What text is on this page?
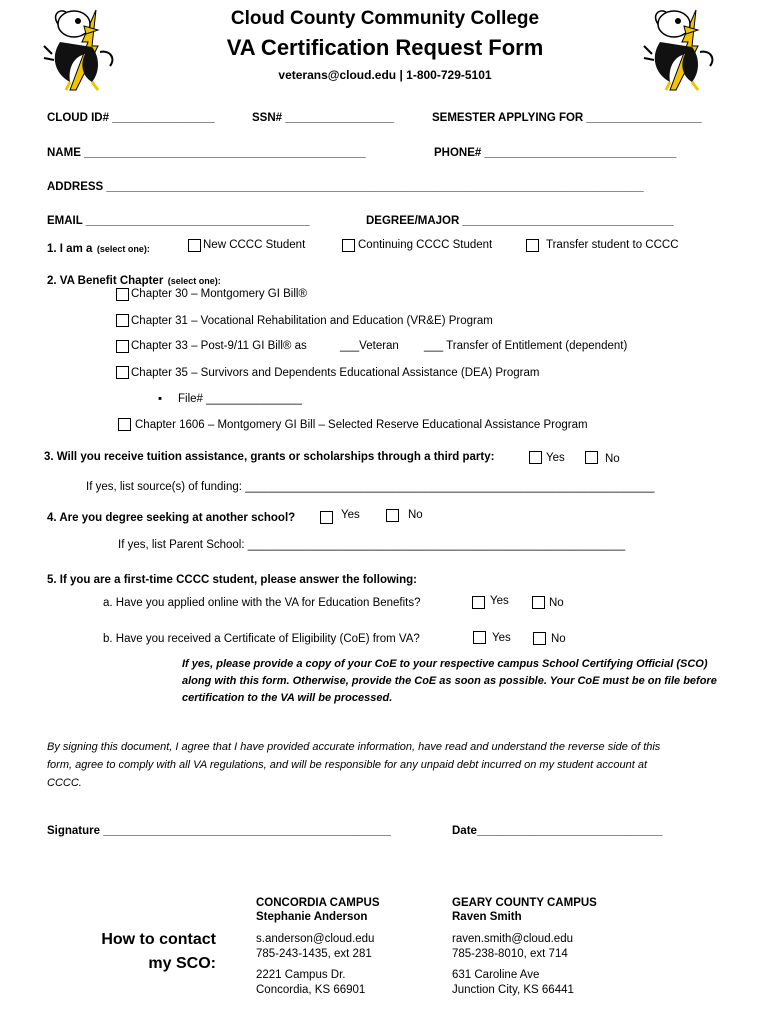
Cloud County Community College
VA Certification Request Form
veterans@cloud.edu | 1-800-729-5101
CLOUD ID# ________________	SSN# _________________	SEMESTER APPLYING FOR __________________
NAME ____________________________________________	PHONE# ______________________________
ADDRESS ____________________________________________________________________________________
EMAIL ___________________________________	DEGREE/MAJOR _________________________________
1. I am a (select one):	New CCCC Student	Continuing CCCC Student	Transfer student to CCCC
2. VA Benefit Chapter (select one):
Chapter 30 – Montgomery GI Bill®
Chapter 31 – Vocational Rehabilitation and Education (VR&E) Program
Chapter 33 – Post-9/11 GI Bill® as	___Veteran ___ Transfer of Entitlement (dependent)
Chapter 35 – Survivors and Dependents Educational Assistance (DEA) Program
▪ File# _______________
Chapter 1606 – Montgomery GI Bill – Selected Reserve Educational Assistance Program
3. Will you receive tuition assistance, grants or scholarships through a third party:	Yes	No
If yes, list source(s) of funding: ________________________________________________________________
4. Are you degree seeking at another school?	Yes	No
If yes, list Parent School: ___________________________________________________________
5. If you are a first-time CCCC student, please answer the following:
a. Have you applied online with the VA for Education Benefits?	Yes	No
b. Have you received a Certificate of Eligibility (CoE) from VA?	Yes	No
If yes, please provide a copy of your CoE to your respective campus School Certifying Official (SCO) along with this form. Otherwise, provide the CoE as soon as possible. Your CoE must be on file before certification to the VA will be processed.
By signing this document, I agree that I have provided accurate information, have read and understand the reverse side of this form, agree to comply with all VA regulations, and will be responsible for any unpaid debt incurred on my student account at CCCC.
Signature _____________________________________________	Date_____________________________
How to contact
my SCO:
CONCORDIA CAMPUS
Stephanie Anderson
s.anderson@cloud.edu
785-243-1435, ext 281
2221 Campus Dr.
Concordia, KS 66901
GEARY COUNTY CAMPUS
Raven Smith
raven.smith@cloud.edu
785-238-8010, ext 714
631 Caroline Ave
Junction City, KS 66441
